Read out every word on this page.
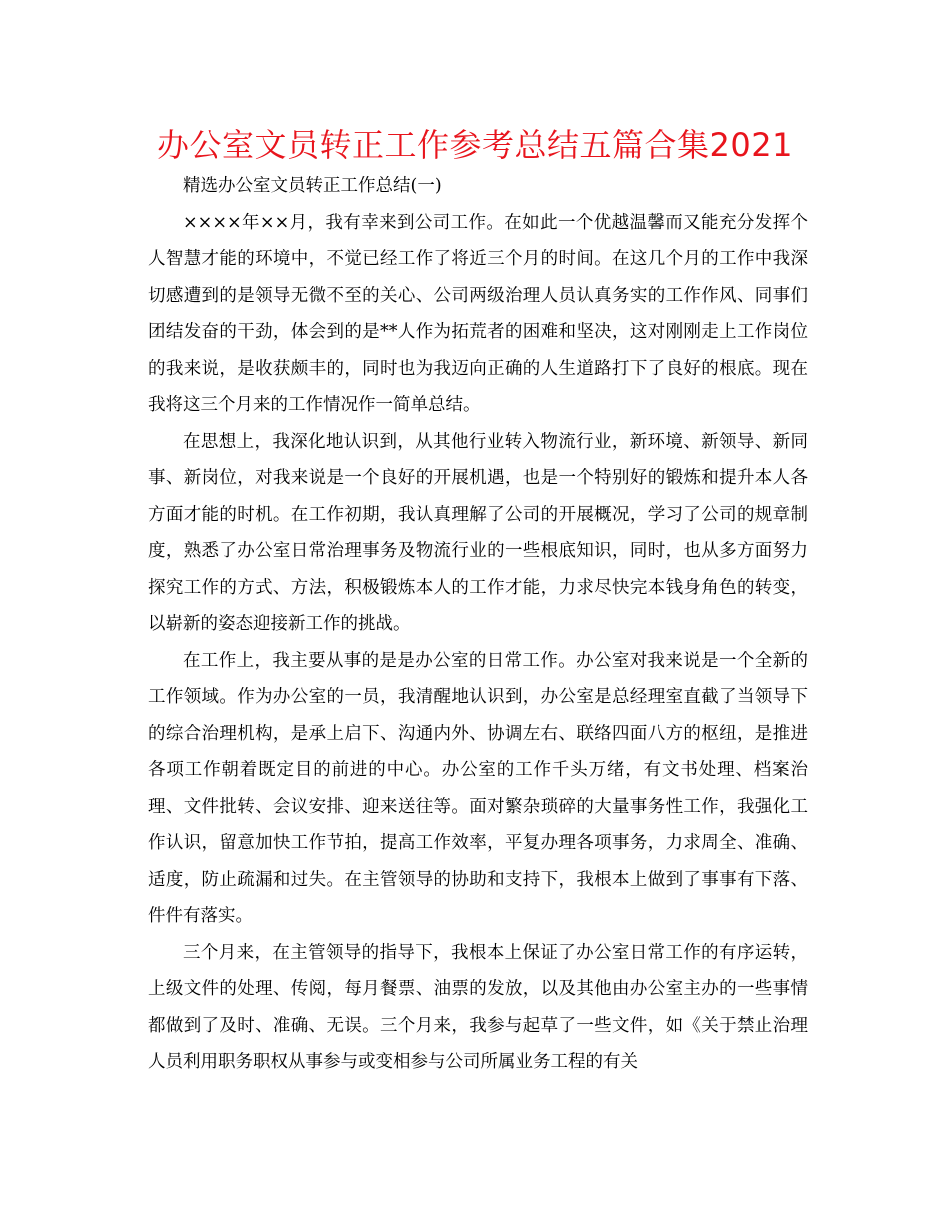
办公室文员转正工作参考总结五篇合集2021

精选办公室文员转正工作总结(一)

××××年××月，我有幸来到公司工作。在如此一个优越温馨而又能充分发挥个人智慧才能的环境中，不觉已经工作了将近三个月的时间。在这几个月的工作中我深切感遭到的是领导无微不至的关心、公司两级治理人员认真务实的工作作风、同事们团结发奋的干劲，体会到的是**人作为拓荒者的困难和坚决，这对刚刚走上工作岗位的我来说，是收获颇丰的，同时也为我迈向正确的人生道路打下了良好的根底。现在我将这三个月来的工作情况作一简单总结。

在思想上，我深化地认识到，从其他行业转入物流行业，新环境、新领导、新同事、新岗位，对我来说是一个良好的开展机遇，也是一个特别好的锻炼和提升本人各方面才能的时机。在工作初期，我认真理解了公司的开展概况，学习了公司的规章制度，熟悉了办公室日常治理事务及物流行业的一些根底知识，同时，也从多方面努力探究工作的方式、方法，积极锻炼本人的工作才能，力求尽快完本钱身角色的转变，以崭新的姿态迎接新工作的挑战。

在工作上，我主要从事的是是办公室的日常工作。办公室对我来说是一个全新的工作领域。作为办公室的一员，我清醒地认识到，办公室是总经理室直截了当领导下的综合治理机构，是承上启下、沟通内外、协调左右、联络四面八方的枢纽，是推进各项工作朝着既定目的前进的中心。办公室的工作千头万绪，有文书处理、档案治理、文件批转、会议安排、迎来送往等。面对繁杂琐碎的大量事务性工作，我强化工作认识，留意加快工作节拍，提高工作效率，平复办理各项事务，力求周全、准确、适度，防止疏漏和过失。在主管领导的协助和支持下，我根本上做到了事事有下落、件件有落实。

三个月来，在主管领导的指导下，我根本上保证了办公室日常工作的有序运转，上级文件的处理、传阅，每月餐票、油票的发放，以及其他由办公室主办的一些事情都做到了及时、准确、无误。三个月来，我参与起草了一些文件，如《关于禁止治理人员利用职务职权从事参与或变相参与公司所属业务工程的有关
